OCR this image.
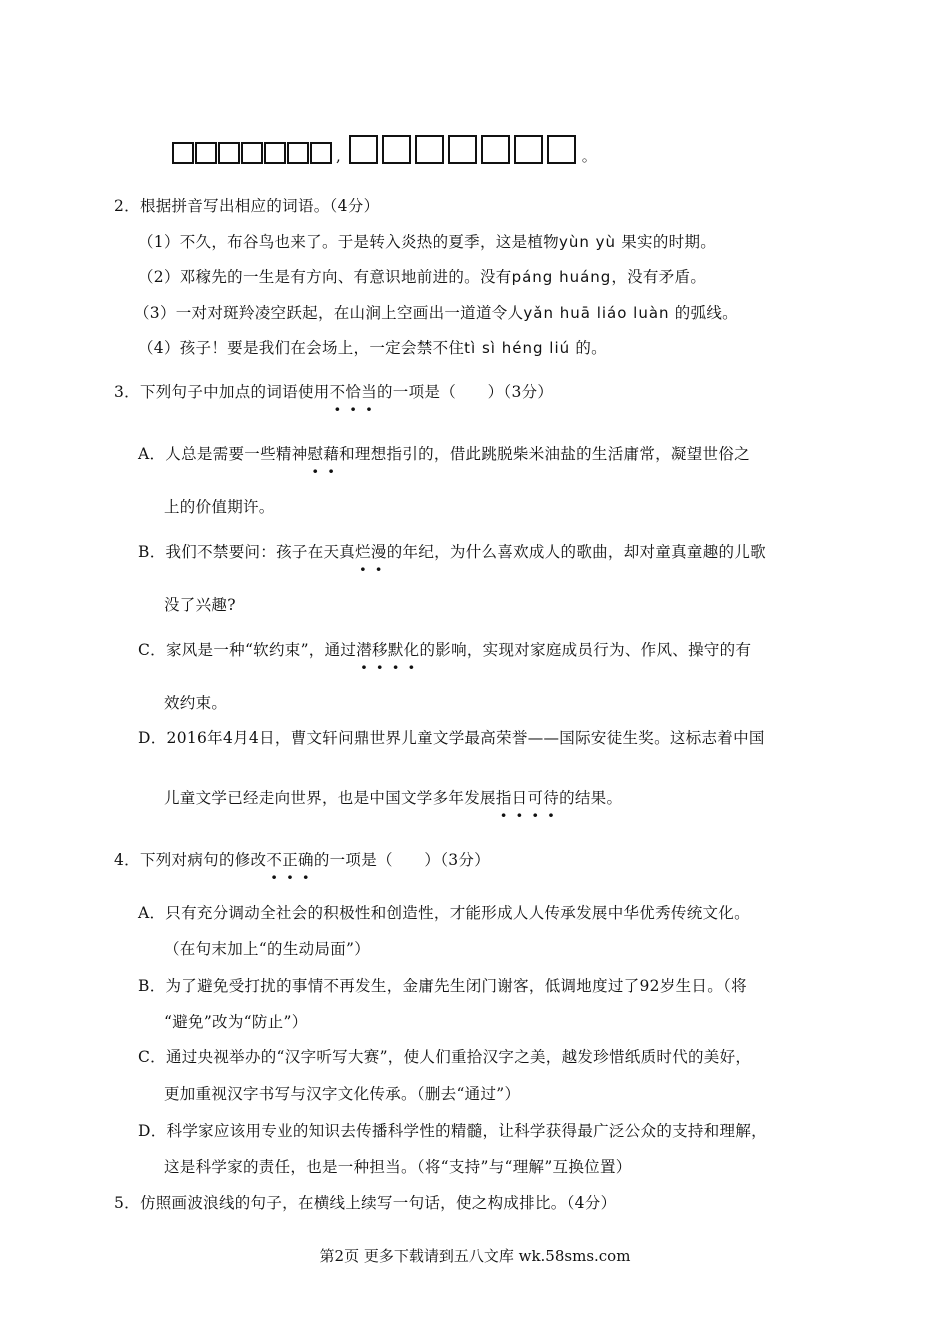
,	。
2．根据拼音写出相应的词语。（4分）
（1）不久，布谷鸟也来了。于是转入炎热的夏季，这是植物yùn yù 果实的时期。
（2）邓稼先的一生是有方向、有意识地前进的。没有páng huáng，没有矛盾。
（3）一对对斑羚凌空跃起，在山涧上空画出一道道令人yǎn huā liáo luàn 的弧线。
（4）孩子！要是我们在会场上，一定会禁不住tì sì héng liú 的。
3．下列句子中加点的词语使用不恰当的一项是（　　）（3分）
A．人总是需要一些精神慰藉和理想指引的，借此跳脱柴米油盐的生活庸常，凝望世俗之
上的价值期许。
B．我们不禁要问：孩子在天真烂漫的年纪，为什么喜欢成人的歌曲，却对童真童趣的儿歌
没了兴趣?
C．家风是一种“软约束”，通过潜移默化的影响，实现对家庭成员行为、作风、操守的有
效约束。
D．2016年4月4日，曹文轩问鼎世界儿童文学最高荣誉——国际安徒生奖。这标志着中国
儿童文学已经走向世界，也是中国文学多年发展指日可待的结果。
4．下列对病句的修改不正确的一项是（　　）（3分）
A．只有充分调动全社会的积极性和创造性，才能形成人人传承发展中华优秀传统文化。
（在句末加上“的生动局面”）
B．为了避免受打扰的事情不再发生，金庸先生闭门谢客，低调地度过了92岁生日。（将
“避免”改为“防止”）
C．通过央视举办的“汉字听写大赛”，使人们重拾汉字之美，越发珍惜纸质时代的美好，
更加重视汉字书写与汉字文化传承。（删去“通过”）
D．科学家应该用专业的知识去传播科学性的精髓，让科学获得最广泛公众的支持和理解，
这是科学家的责任，也是一种担当。（将“支持”与“理解”互换位置）
5．仿照画波浪线的句子，在横线上续写一句话，使之构成排比。（4分）
第2页 更多下载请到五八文库 wk.58sms.com
